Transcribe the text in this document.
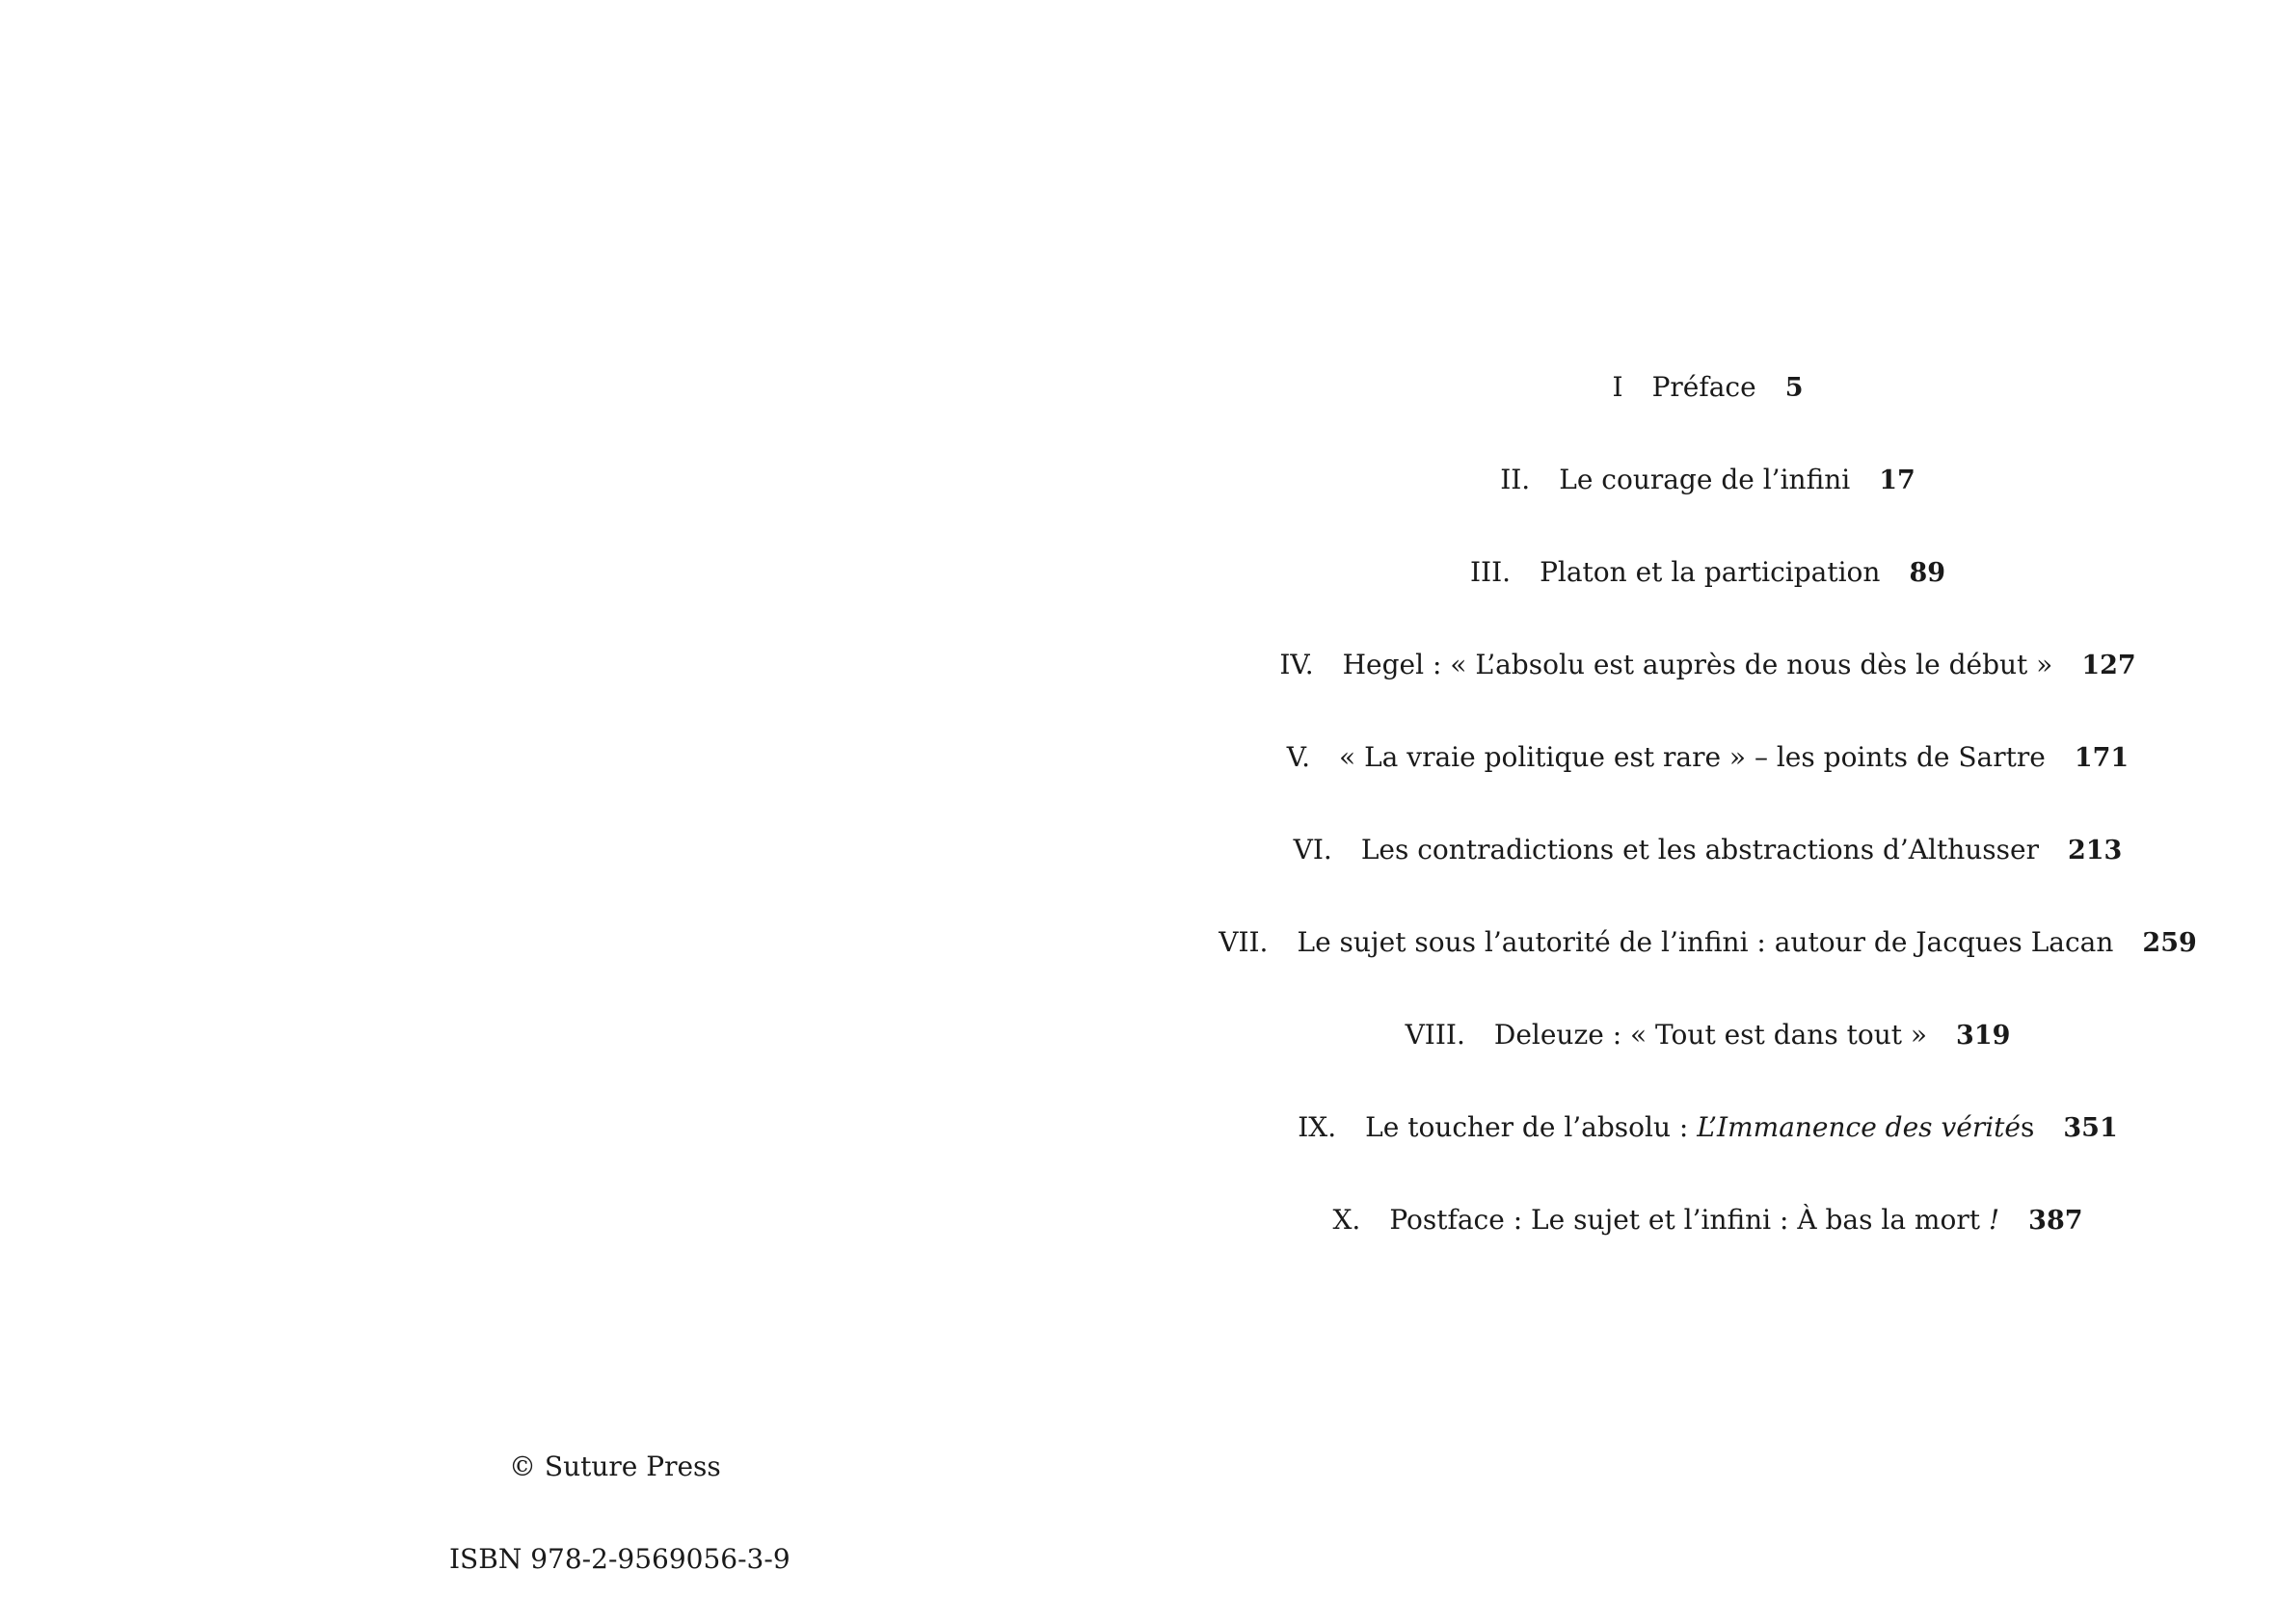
© Suture Press
ISBN 978-2-9569056-3-9
I Préface 5
II. Le courage de l’infini 17
III. Platon et la participation 89
IV. Hegel : « L’absolu est auprès de nous dès le début » 127
V. « La vraie politique est rare » – les points de Sartre 171
VI. Les contradictions et les abstractions d’Althusser 213
VII. Le sujet sous l’autorité de l’infini : autour de Jacques Lacan 259
VIII. Deleuze : « Tout est dans tout » 319
IX. Le toucher de l’absolu : L’Immanence des vérités 351
X. Postface : Le sujet et l’infini : À bas la mort ! 387
